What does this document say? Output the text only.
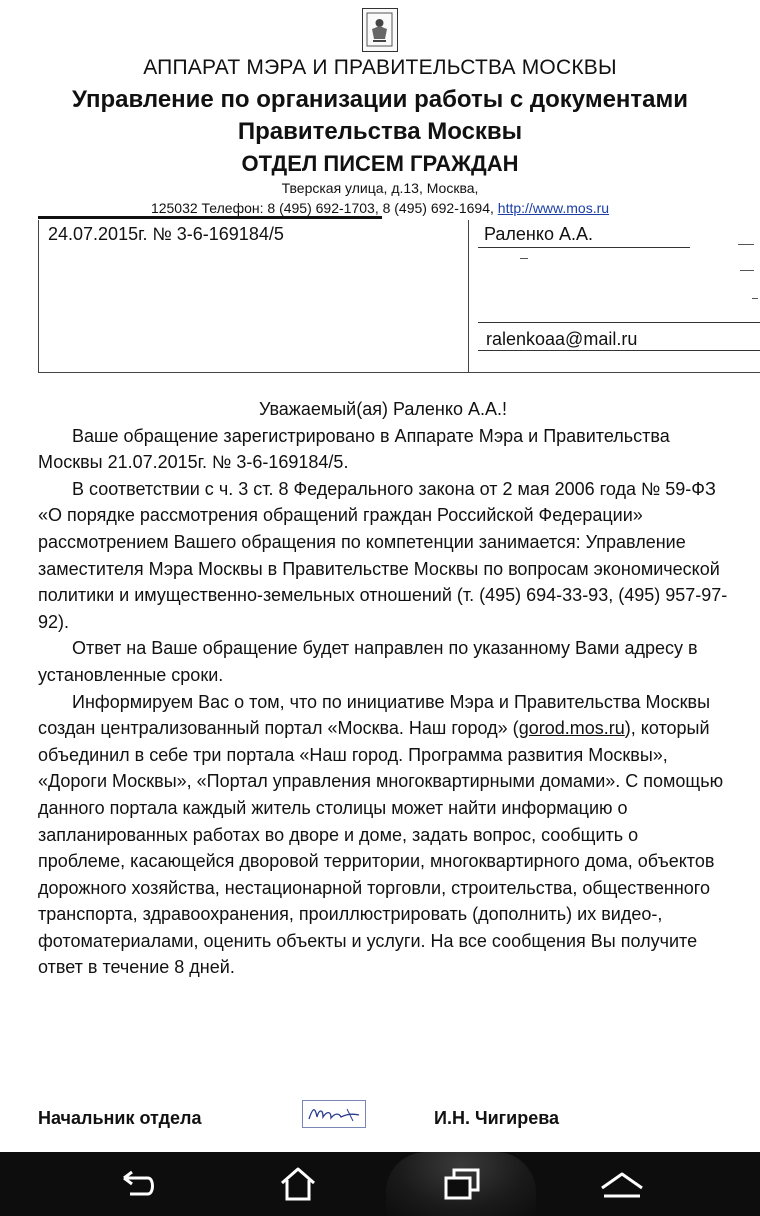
АППАРАТ МЭРА И ПРАВИТЕЛЬСТВА МОСКВЫ
Управление по организации работы с документами
Правительства Москвы
ОТДЕЛ ПИСЕМ ГРАЖДАН
Тверская улица, д.13, Москва,
125032 Телефон: 8 (495) 692-1703, 8 (495) 692-1694, http://www.mos.ru
24.07.2015г. № 3-6-169184/5	Раленко А.А.
ralenkoaa@mail.ru

Уважаемый(ая) Раленко А.А.!

Ваше обращение зарегистрировано в Аппарате Мэра и Правительства Москвы 21.07.2015г. № 3-6-169184/5.

В соответствии с ч. 3 ст. 8 Федерального закона от 2 мая 2006 года № 59-ФЗ «О порядке рассмотрения обращений граждан Российской Федерации» рассмотрением Вашего обращения по компетенции занимается: Управление заместителя Мэра Москвы в Правительстве Москвы по вопросам экономической политики и имущественно-земельных отношений (т. (495) 694-33-93, (495) 957-97-92).

Ответ на Ваше обращение будет направлен по указанному Вами адресу в установленные сроки.

Информируем Вас о том, что по инициативе Мэра и Правительства Москвы создан централизованный портал «Москва. Наш город» (gorod.mos.ru), который объединил в себе три портала «Наш город. Программа развития Москвы», «Дороги Москвы», «Портал управления многоквартирными домами». С помощью данного портала каждый житель столицы может найти информацию о запланированных работах во дворе и доме, задать вопрос, сообщить о проблеме, касающейся дворовой территории, многоквартирного дома, объектов дорожного хозяйства, нестационарной торговли, строительства, общественного транспорта, здравоохранения, проиллюстрировать (дополнить) их видео-, фотоматериалами, оценить объекты и услуги. На все сообщения Вы получите ответ в течение 8 дней.

Начальник отдела	И.Н. Чигирева
